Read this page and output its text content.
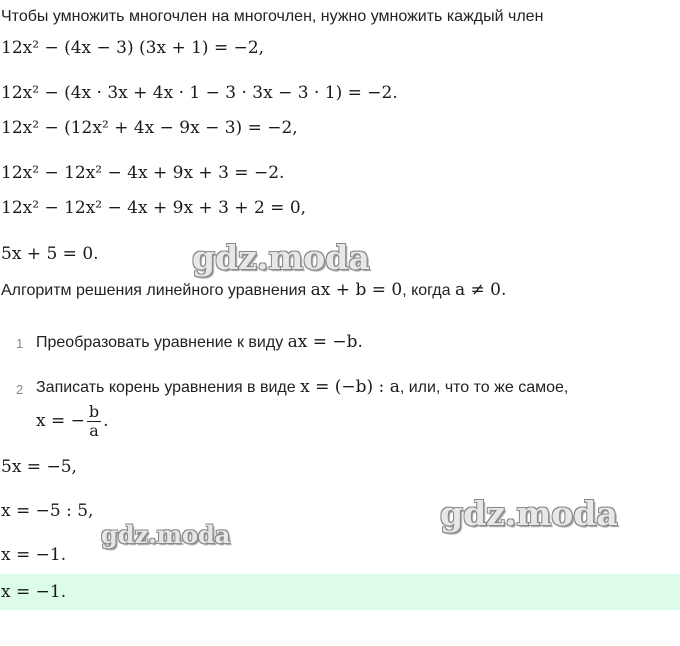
Чтобы умножить многочлен на многочлен, нужно умножить каждый член
12x² − (4x − 3) (3x + 1) = −2,
12x² − (4x · 3x + 4x · 1 − 3 · 3x − 3 · 1) = −2.
12x² − (12x² + 4x − 9x − 3) = −2,
12x² − 12x² − 4x + 9x + 3 = −2.
12x² − 12x² − 4x + 9x + 3 + 2 = 0,
5x + 5 = 0.
Алгоритм решения линейного уравнения ax + b = 0, когда a ≠ 0.
1 Преобразовать уравнение к виду ax = −b.
2 Записать корень уравнения в виде x = (−b) : a, или, что то же самое,
x = − $\frac{b}{a}$ .
5x = −5,
x = −5 : 5,
x = −1.
x = −1.
gdz.moda
gdz.moda
gdz.moda
